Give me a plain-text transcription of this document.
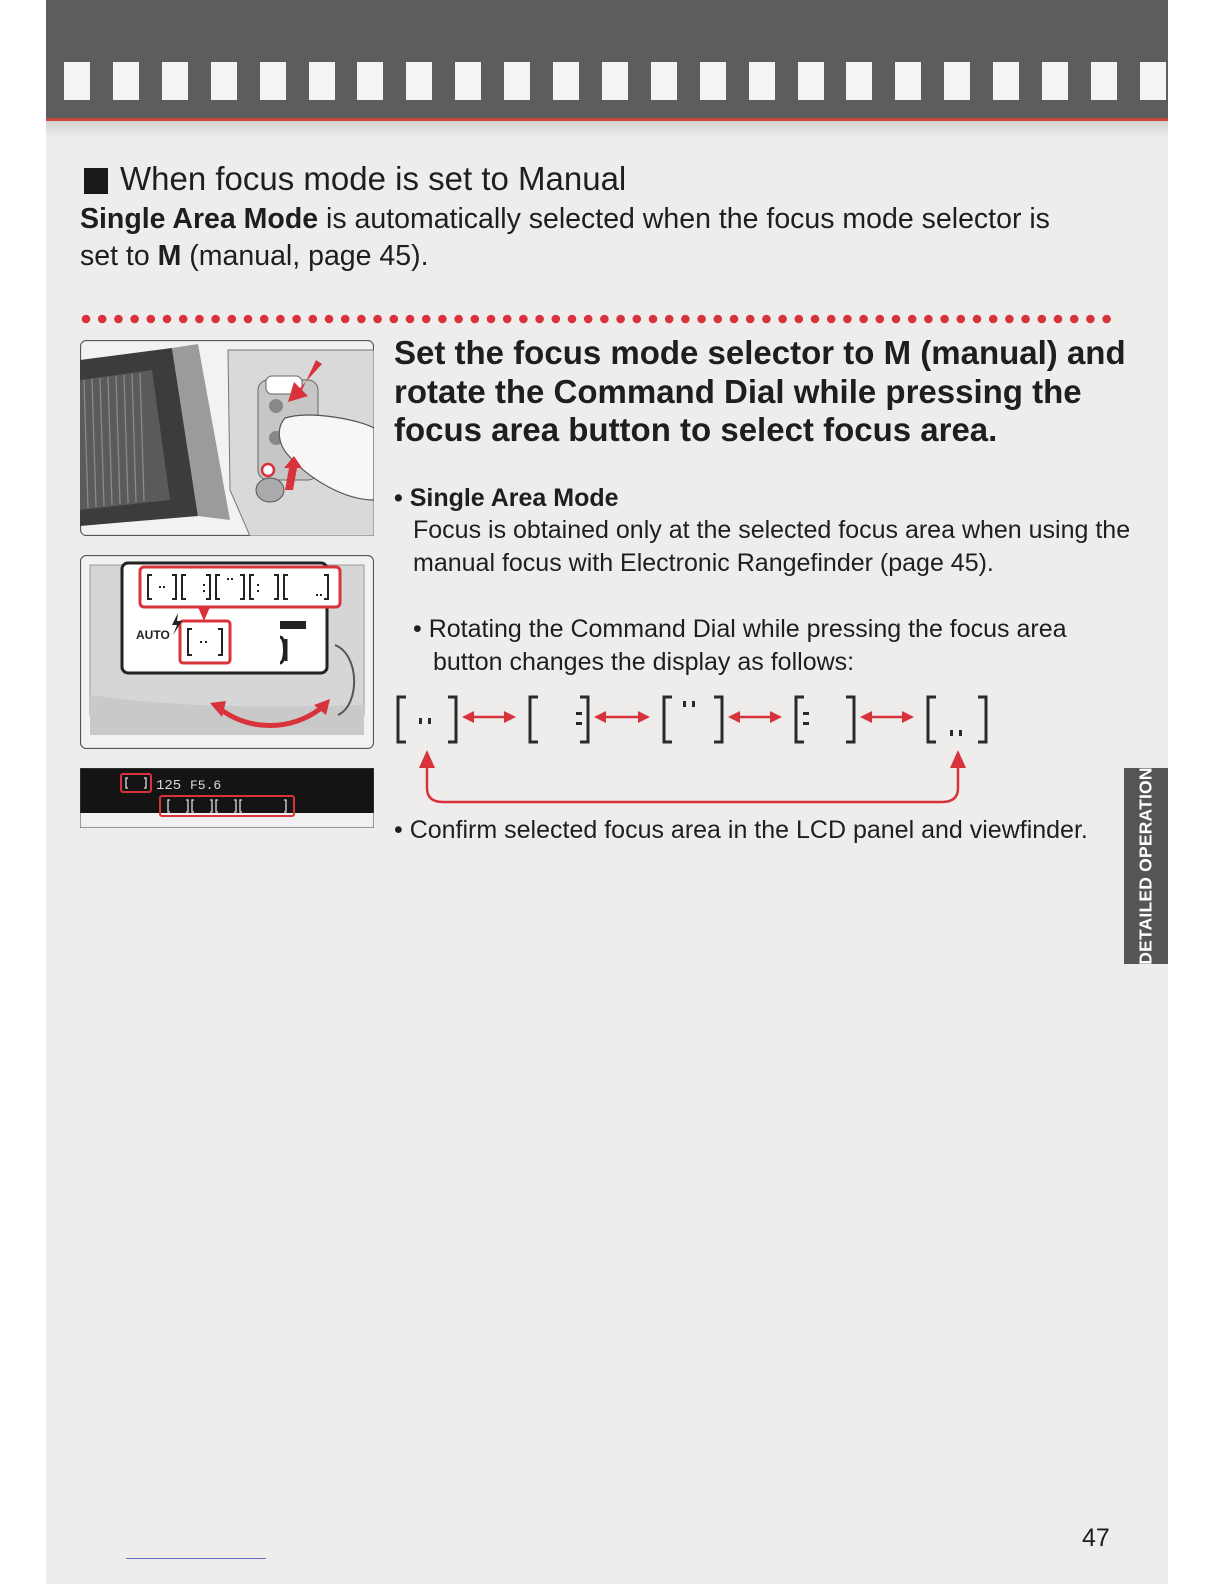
When focus mode is set to Manual
Single Area Mode is automatically selected when the focus mode selector is set to M (manual, page 45).
AUTO
125 F5.6
Set the focus mode selector to M (manual) and rotate the Command Dial while pressing the focus area button to select focus area.
• Single Area Mode
Focus is obtained only at the selected focus area when using the manual focus with Electronic Rangefinder (page 45).
• Rotating the Command Dial while pressing the focus area button changes the display as follows:
• Confirm selected focus area in the LCD panel and viewfinder.	DETAILED OPERATION
47
